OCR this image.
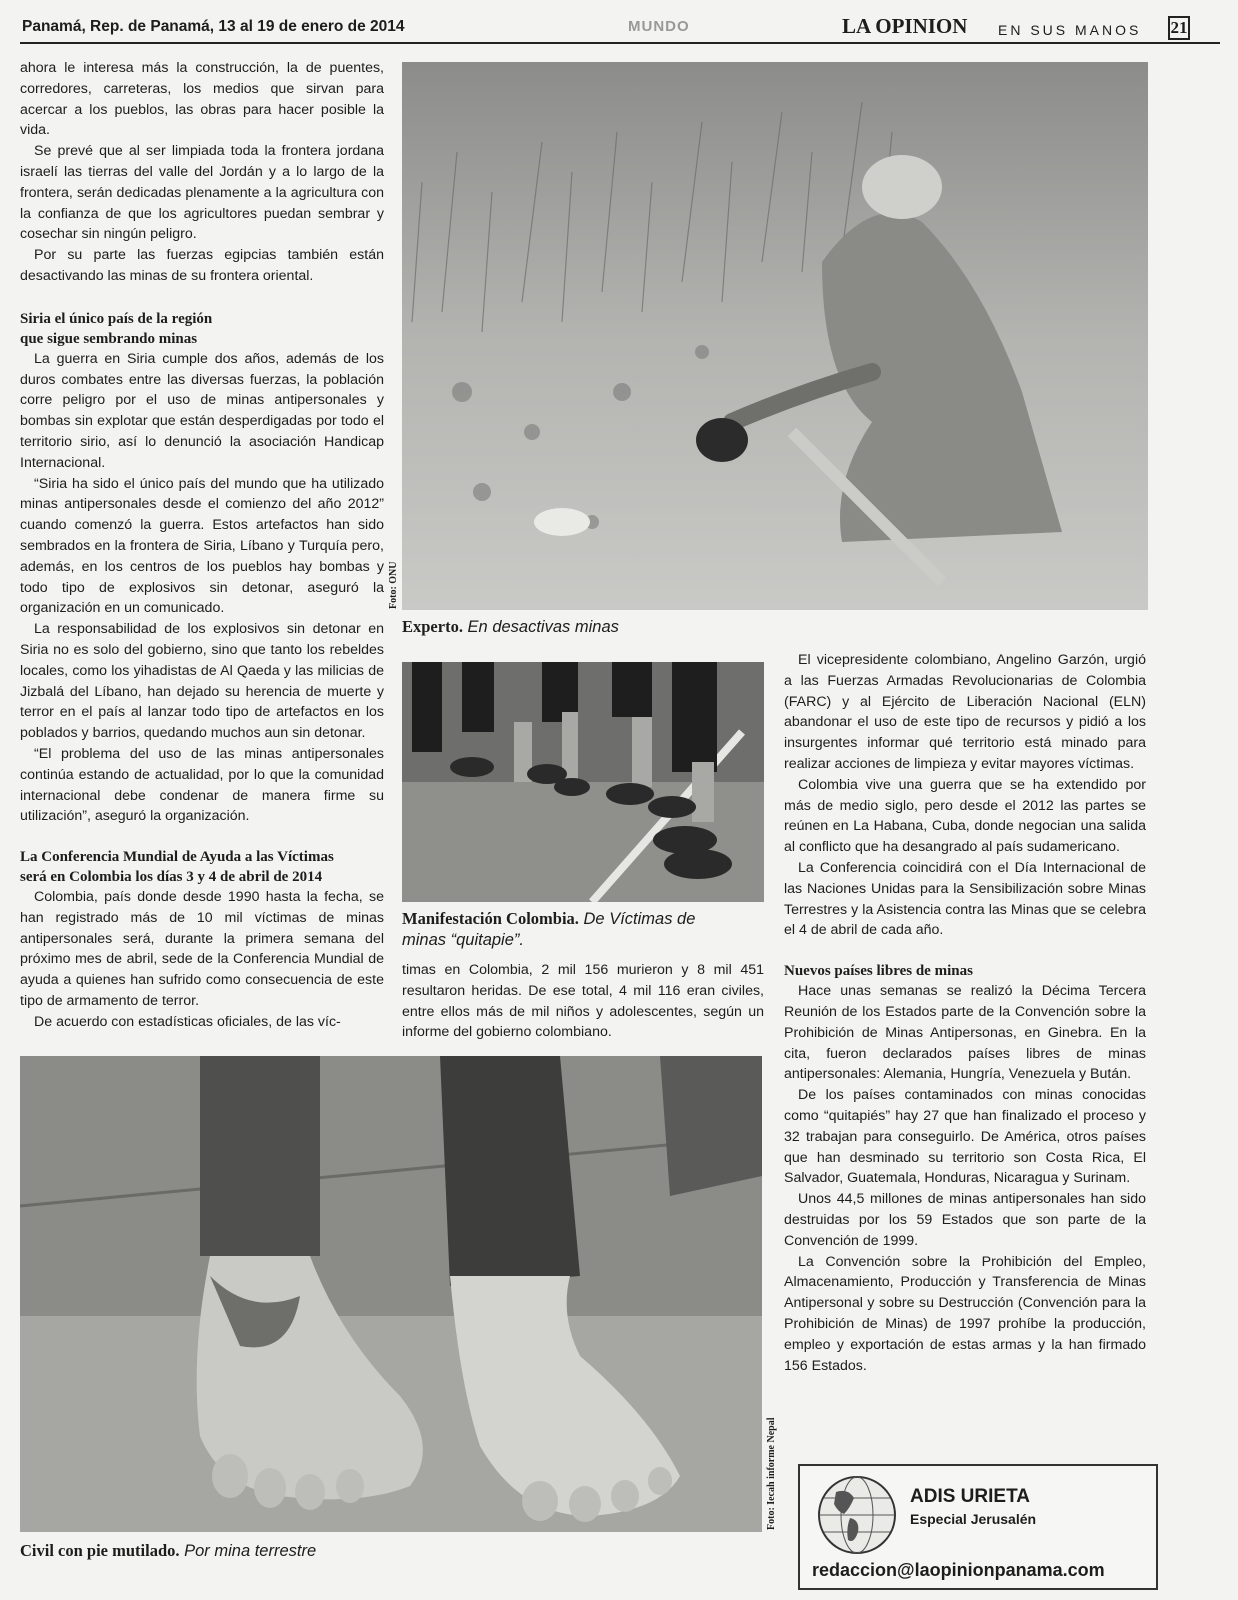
Panamá, Rep. de Panamá, 13 al 19 de enero de 2014	MUNDO	LA OPINION EN SUS MANOS 21

ahora le interesa más la construcción, la de puentes, corredores, carreteras, los medios que sirvan para acercar a los pueblos, las obras para hacer posible la vida.

Se prevé que al ser limpiada toda la frontera jordana israelí las tierras del valle del Jordán y a lo largo de la frontera, serán dedicadas plenamente a la agricultura con la confianza de que los agricultores puedan sembrar y cosechar sin ningún peligro.

Por su parte las fuerzas egipcias también están desactivando las minas de su frontera oriental.

Siria el único país de la región
que sigue sembrando minas

La guerra en Siria cumple dos años, además de los duros combates entre las diversas fuerzas, la población corre peligro por el uso de minas antipersonales y bombas sin explotar que están desperdigadas por todo el territorio sirio, así lo denunció la asociación Handicap Internacional.

“Siria ha sido el único país del mundo que ha utilizado minas antipersonales desde el comienzo del año 2012” cuando comenzó la guerra. Estos artefactos han sido sembrados en la frontera de Siria, Líbano y Turquía pero, además, en los centros de los pueblos hay bombas y todo tipo de explosivos sin detonar, aseguró la organización en un comunicado.

La responsabilidad de los explosivos sin detonar en Siria no es solo del gobierno, sino que tanto los rebeldes locales, como los yihadistas de Al Qaeda y las milicias de Jizbalá del Líbano, han dejado su herencia de muerte y terror en el país al lanzar todo tipo de artefactos en los poblados y barrios, quedando muchos aun sin detonar.

“El problema del uso de las minas antipersonales continúa estando de actualidad, por lo que la comunidad internacional debe condenar de manera firme su utilización”, aseguró la organización.

La Conferencia Mundial de Ayuda a las Víctimas
será en Colombia los días 3 y 4 de abril de 2014

Colombia, país donde desde 1990 hasta la fecha, se han registrado más de 10 mil víctimas de minas antipersonales será, durante la primera semana del próximo mes de abril, sede de la Conferencia Mundial de ayuda a quienes han sufrido como consecuencia de este tipo de armamento de terror.

De acuerdo con estadísticas oficiales, de las víc-

Foto: ONU
Experto. En desactivas minas
Manifestación Colombia. De Víctimas de
minas “quitapie”.

timas en Colombia, 2 mil 156 murieron y 8 mil 451 resultaron heridas. De ese total, 4 mil 116 eran civiles, entre ellos más de mil niños y adolescentes, según un informe del gobierno colombiano.

El vicepresidente colombiano, Angelino Garzón, urgió a las Fuerzas Armadas Revolucionarias de Colombia (FARC) y al Ejército de Liberación Nacional (ELN) abandonar el uso de este tipo de recursos y pidió a los insurgentes informar qué territorio está minado para realizar acciones de limpieza y evitar mayores víctimas.

Colombia vive una guerra que se ha extendido por más de medio siglo, pero desde el 2012 las partes se reúnen en La Habana, Cuba, donde negocian una salida al conflicto que ha desangrado al país sudamericano.

La Conferencia coincidirá con el Día Internacional de las Naciones Unidas para la Sensibilización sobre Minas Terrestres y la Asistencia contra las Minas que se celebra el 4 de abril de cada año.

Nuevos países libres de minas

Hace unas semanas se realizó la Décima Tercera Reunión de los Estados parte de la Convención sobre la Prohibición de Minas Antipersonas, en Ginebra. En la cita, fueron declarados países libres de minas antipersonales: Alemania, Hungría, Venezuela y Bután.

De los países contaminados con minas conocidas como “quitapiés” hay 27 que han finalizado el proceso y 32 trabajan para conseguirlo. De América, otros países que han desminado su territorio son Costa Rica, El Salvador, Guatemala, Honduras, Nicaragua y Surinam.

Unos 44,5 millones de minas antipersonales han sido destruidas por los 59 Estados que son parte de la Convención de 1999.

La Convención sobre la Prohibición del Empleo, Almacenamiento, Producción y Transferencia de Minas Antipersonal y sobre su Destrucción (Convención para la Prohibición de Minas) de 1997 prohíbe la producción, empleo y exportación de estas armas y la han firmado 156 Estados.

Foto: Iecah informe Nepal
Civil con pie mutilado. Por mina terrestre
ADIS URIETA
Especial Jerusalén
redaccion@laopinionpanama.com
